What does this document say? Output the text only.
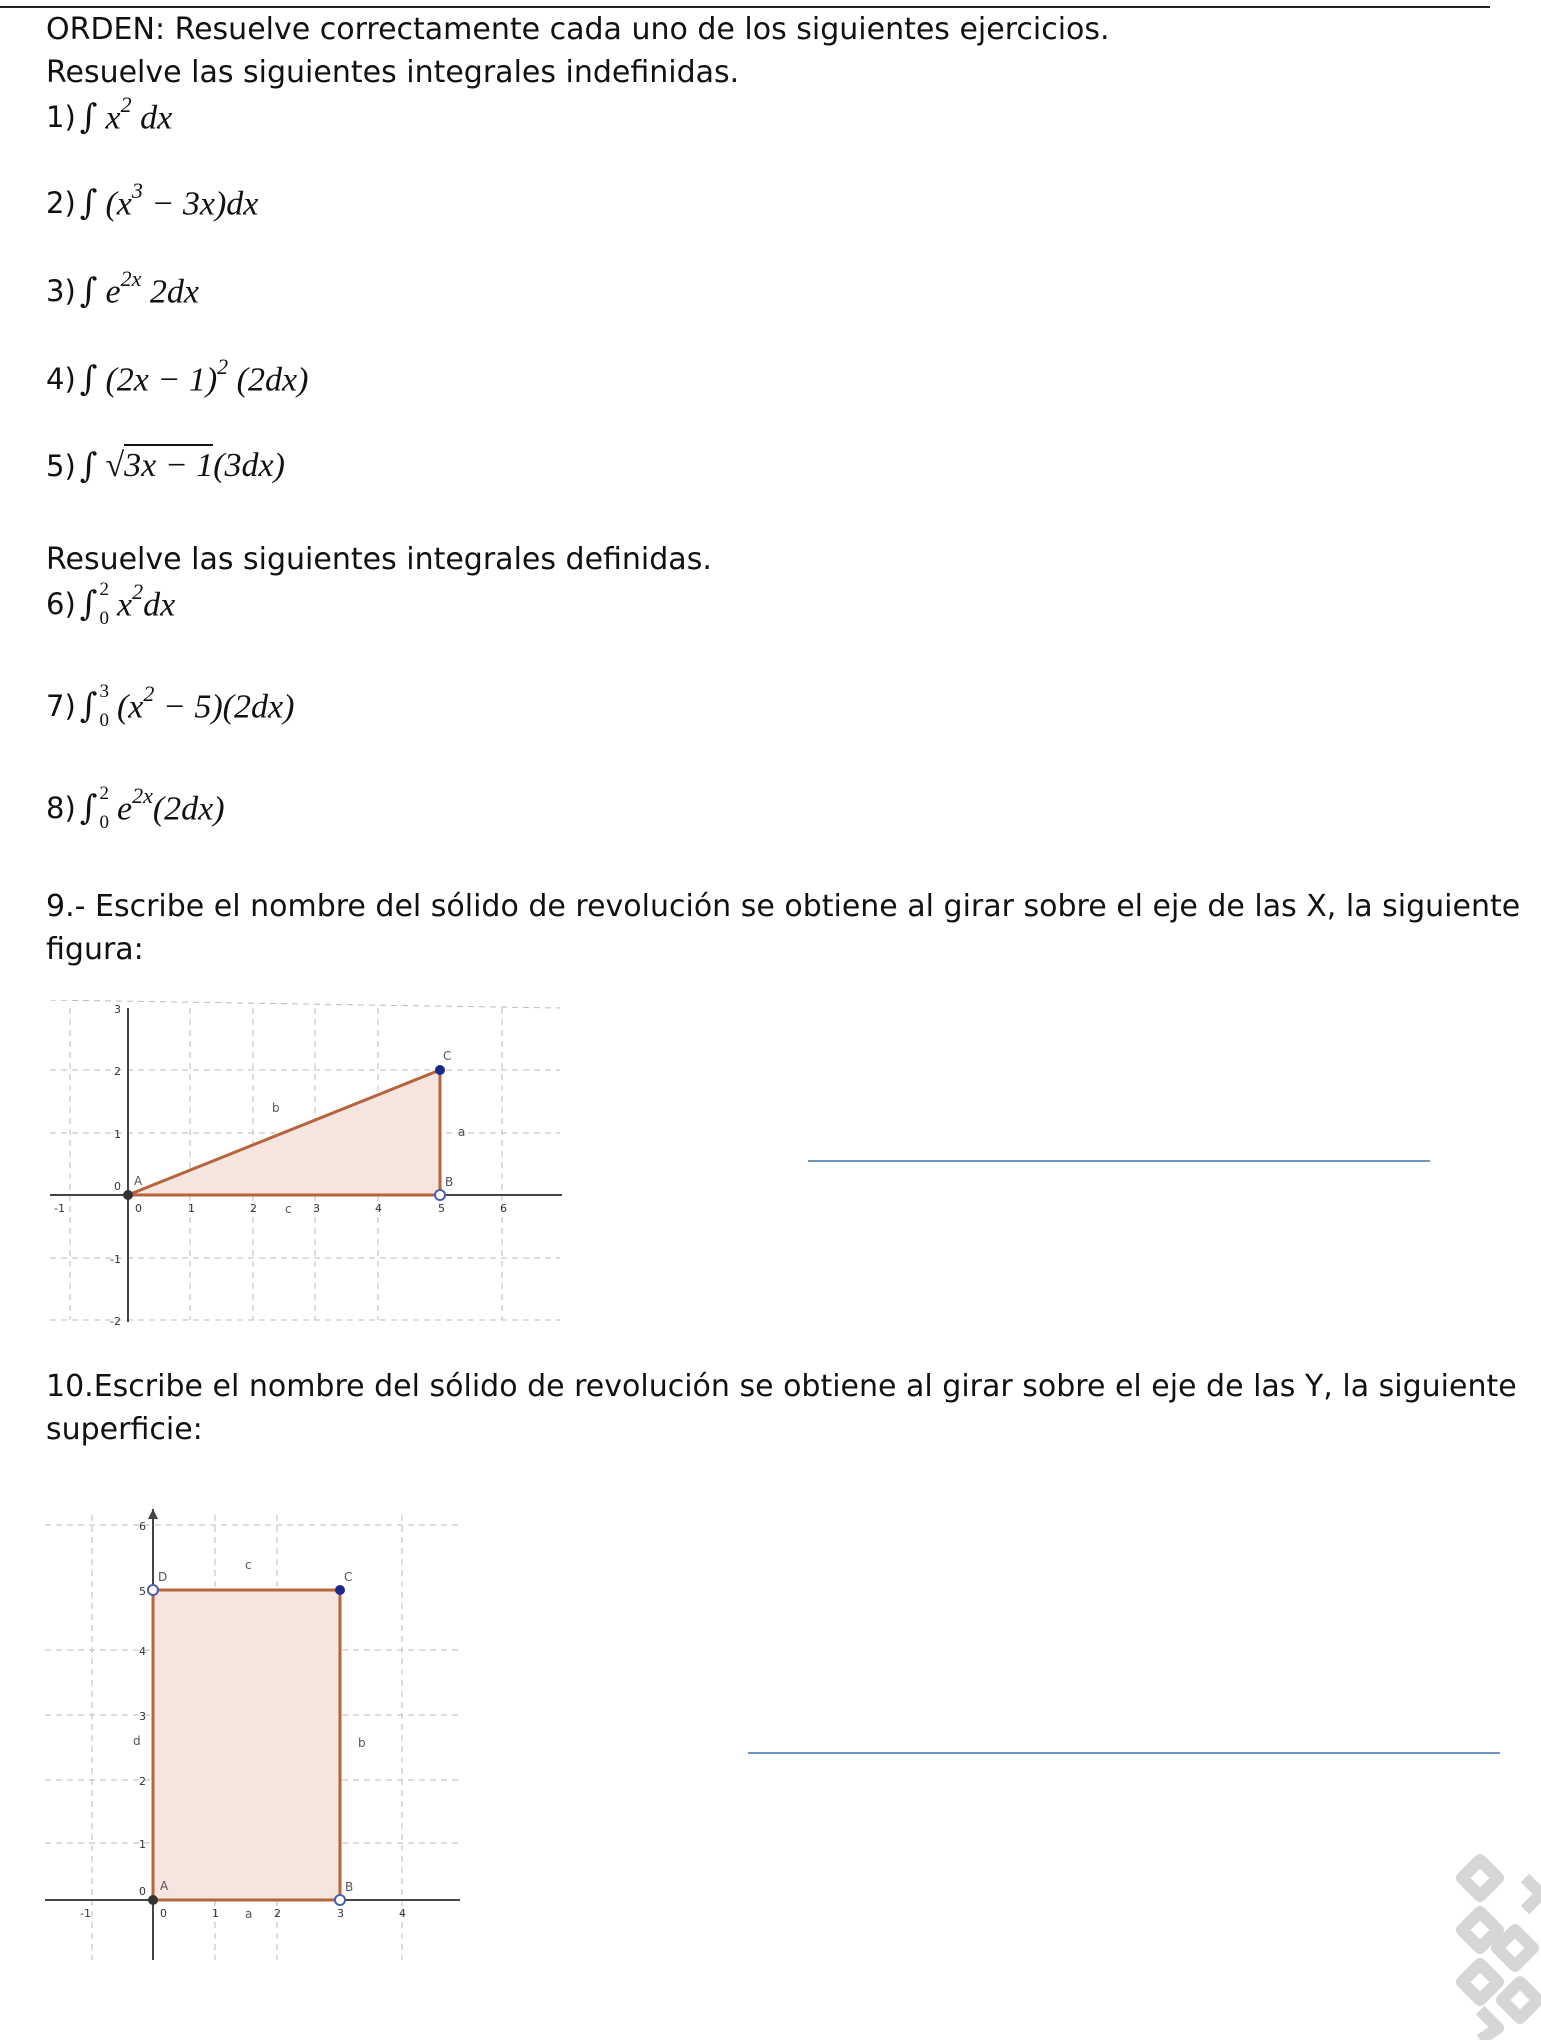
ORDEN: Resuelve correctamente cada uno de los siguientes ejercicios.
Resuelve las siguientes integrales indefinidas.
1) ∫ $x^2$ dx
2) ∫ $(x^3 - 3x)dx$
3) ∫ $e^{2x}$ 2dx
4) ∫ $(2x - 1)^2$ (2dx)
5) ∫ √3x − 1(3dx)
Resuelve las siguientes integrales definidas.
6) ∫ 2
0 $x^2dx$
7) ∫ 3
0 $(x^2 - 5)(2dx)$
8) ∫ 2
0 $e^{2x}(2dx)$
9.- Escribe el nombre del sólido de revolución se obtiene al girar sobre el eje de las X, la siguiente
figura:
-1	0	1	2	3	4	5	6
3
2
1
0
-1
-2
A	B
C
a
b
c
10.Escribe el nombre del sólido de revolución se obtiene al girar sobre el eje de las Y, la siguiente
superficie:
-1	0	1	2	3	4
6
5
4
3
2
1
0 A	B
C
D
a
b
c
d
